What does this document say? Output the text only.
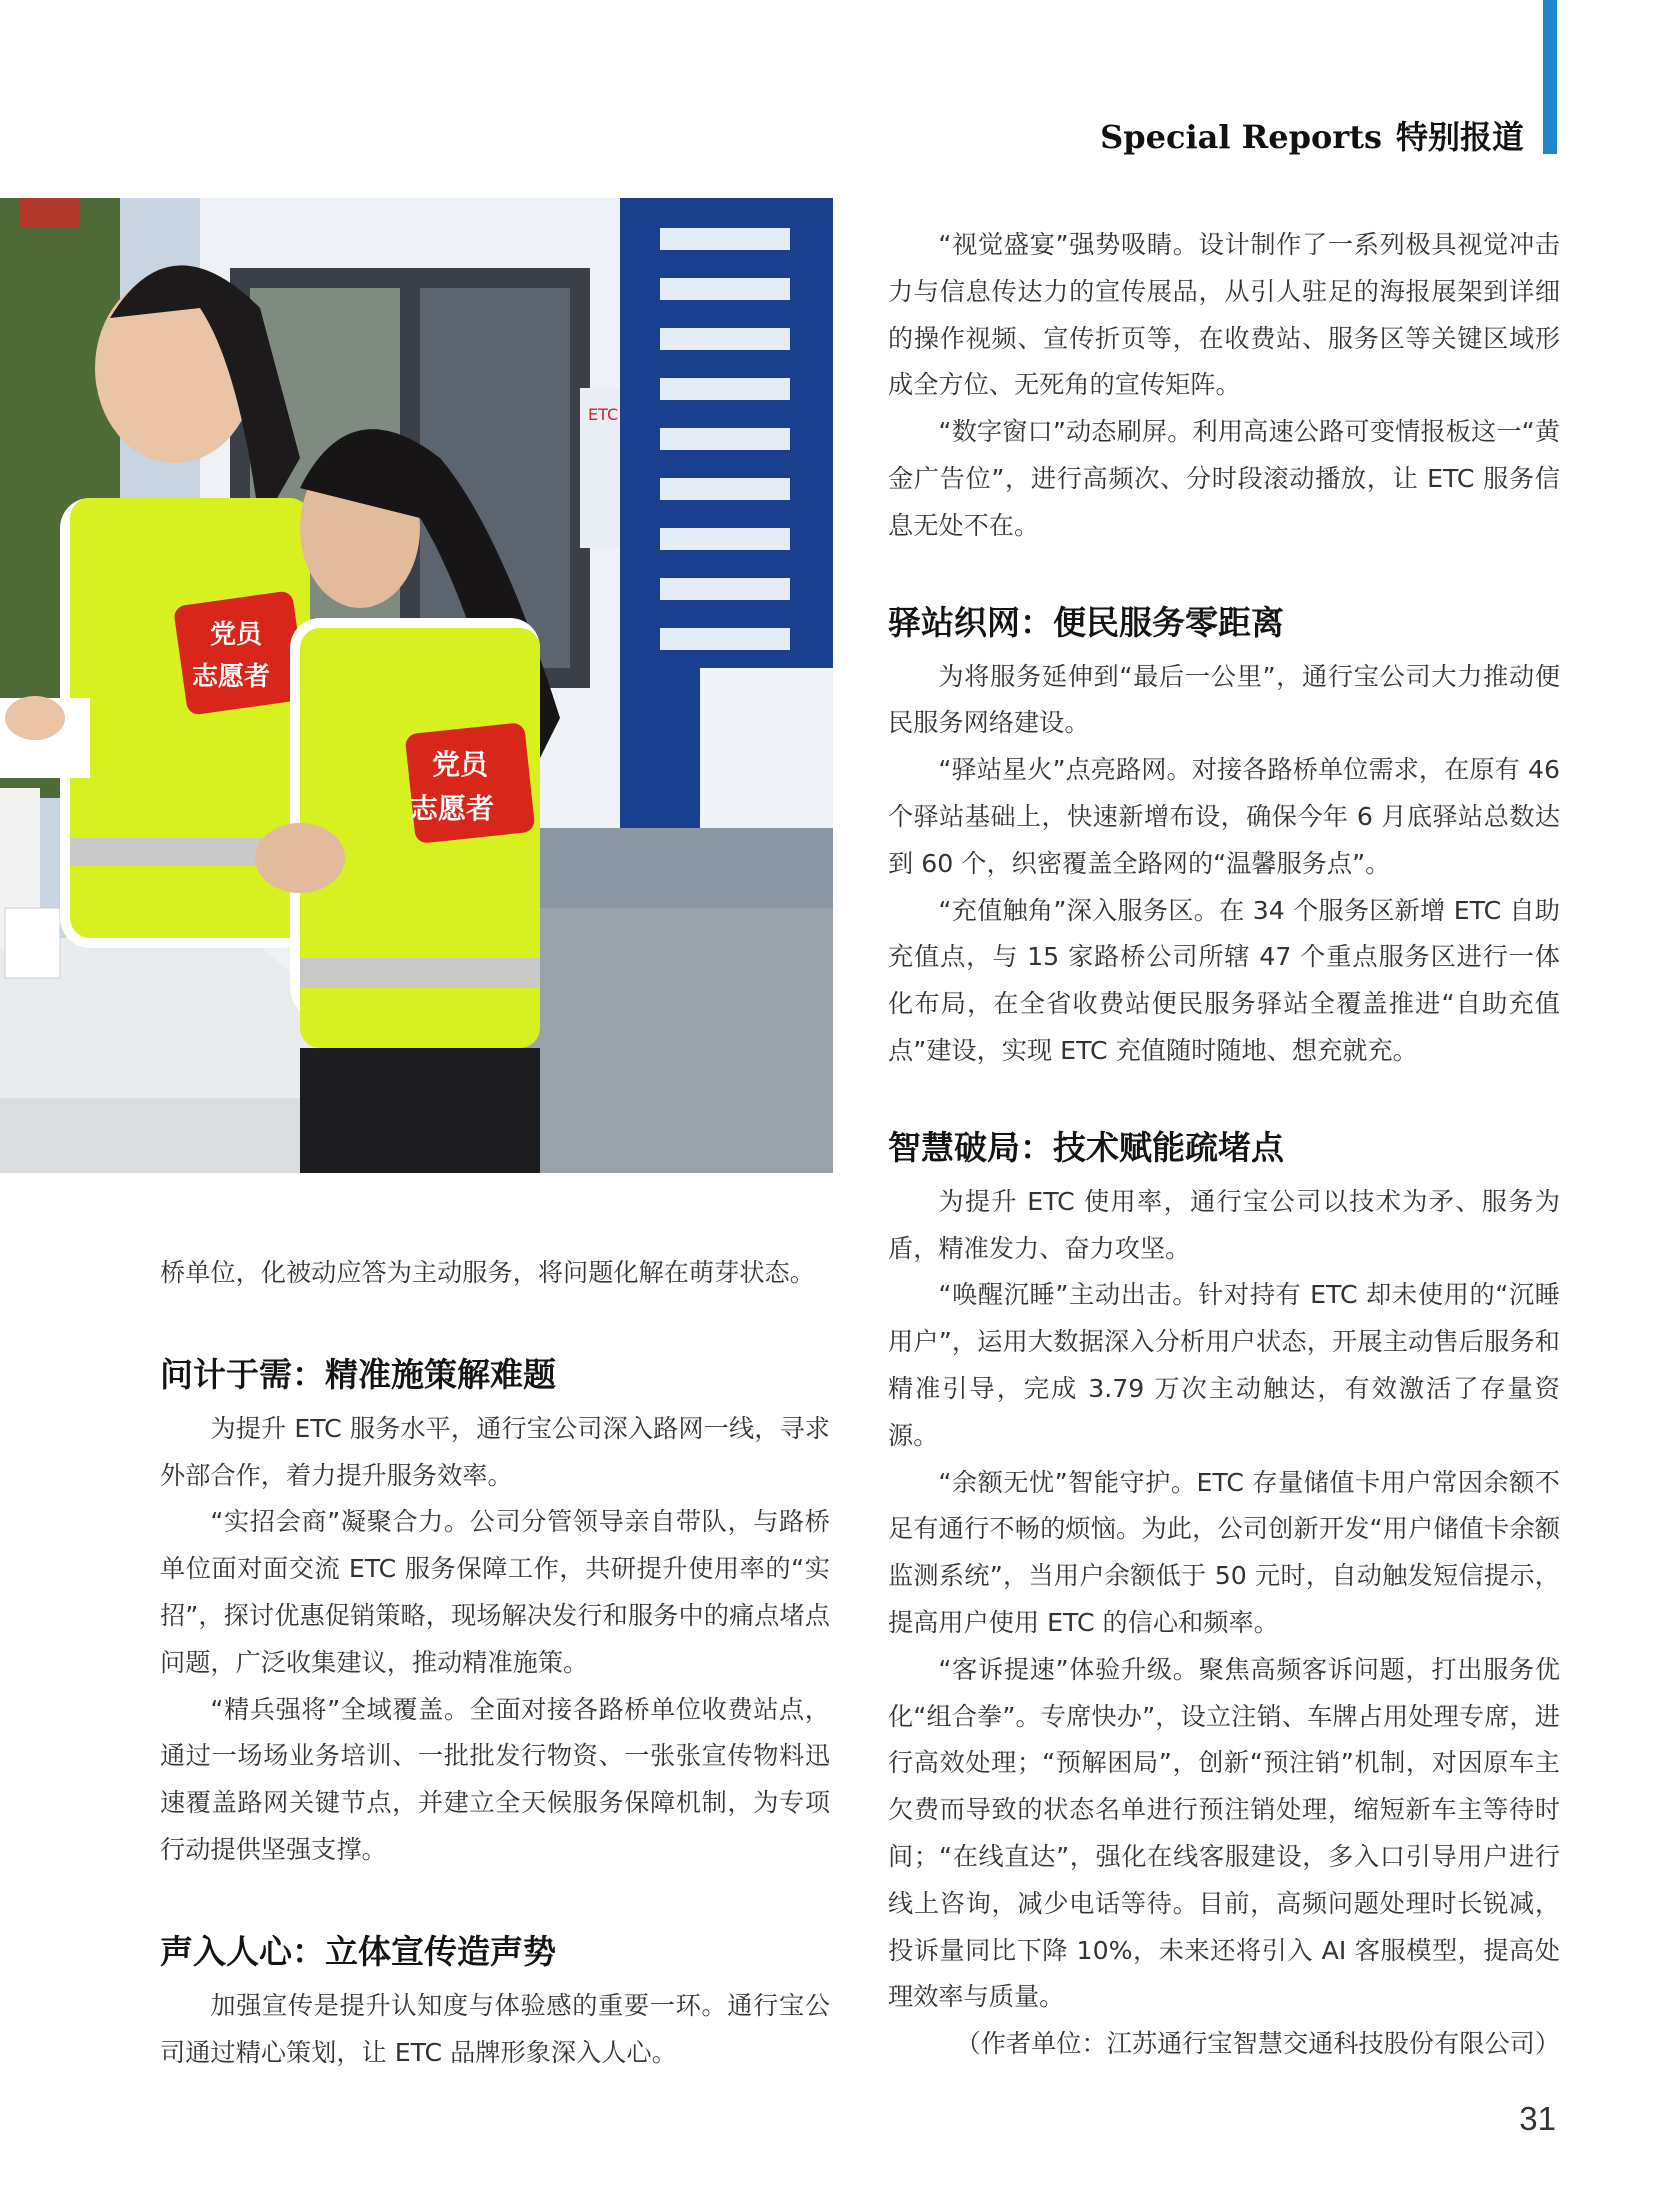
Special Reports 特别报道
ETC
党员
志愿者
党员
志愿者

桥单位，化被动应答为主动服务，将问题化解在萌芽状态。

问计于需：精准施策解难题

为提升 ETC 服务水平，通行宝公司深入路网一线，寻求外部合作，着力提升服务效率。

“实招会商”凝聚合力。公司分管领导亲自带队，与路桥单位面对面交流 ETC 服务保障工作，共研提升使用率的“实招”，探讨优惠促销策略，现场解决发行和服务中的痛点堵点问题，广泛收集建议，推动精准施策。

“精兵强将”全域覆盖。全面对接各路桥单位收费站点，通过一场场业务培训、一批批发行物资、一张张宣传物料迅速覆盖路网关键节点，并建立全天候服务保障机制，为专项行动提供坚强支撑。

声入人心：立体宣传造声势

加强宣传是提升认知度与体验感的重要一环。通行宝公司通过精心策划，让 ETC 品牌形象深入人心。

“视觉盛宴”强势吸睛。设计制作了一系列极具视觉冲击力与信息传达力的宣传展品，从引人驻足的海报展架到详细的操作视频、宣传折页等，在收费站、服务区等关键区域形成全方位、无死角的宣传矩阵。

“数字窗口”动态刷屏。利用高速公路可变情报板这一“黄金广告位”，进行高频次、分时段滚动播放，让 ETC 服务信息无处不在。

驿站织网：便民服务零距离

为将服务延伸到“最后一公里”，通行宝公司大力推动便民服务网络建设。

“驿站星火”点亮路网。对接各路桥单位需求，在原有 46 个驿站基础上，快速新增布设，确保今年 6 月底驿站总数达到 60 个，织密覆盖全路网的“温馨服务点”。

“充值触角”深入服务区。在 34 个服务区新增 ETC 自助充值点，与 15 家路桥公司所辖 47 个重点服务区进行一体化布局，在全省收费站便民服务驿站全覆盖推进“自助充值点”建设，实现 ETC 充值随时随地、想充就充。

智慧破局：技术赋能疏堵点

为提升 ETC 使用率，通行宝公司以技术为矛、服务为盾，精准发力、奋力攻坚。

“唤醒沉睡”主动出击。针对持有 ETC 却未使用的“沉睡用户”，运用大数据深入分析用户状态，开展主动售后服务和精准引导，完成 3.79 万次主动触达，有效激活了存量资源。

“余额无忧”智能守护。ETC 存量储值卡用户常因余额不足有通行不畅的烦恼。为此，公司创新开发“用户储值卡余额监测系统”，当用户余额低于 50 元时，自动触发短信提示，提高用户使用 ETC 的信心和频率。

“客诉提速”体验升级。聚焦高频客诉问题，打出服务优化“组合拳”。专席快办”，设立注销、车牌占用处理专席，进行高效处理；“预解困局”，创新“预注销”机制，对因原车主欠费而导致的状态名单进行预注销处理，缩短新车主等待时间；“在线直达”，强化在线客服建设，多入口引导用户进行线上咨询，减少电话等待。目前，高频问题处理时长锐减，投诉量同比下降 10%，未来还将引入 AI 客服模型，提高处理效率与质量。

（作者单位：江苏通行宝智慧交通科技股份有限公司）

31
